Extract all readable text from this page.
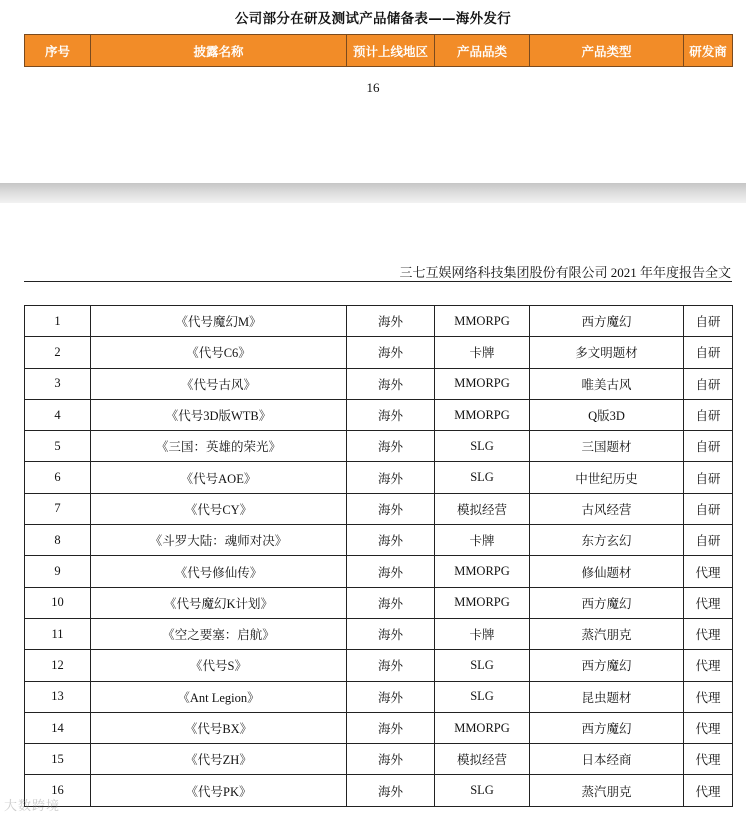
公司部分在研及测试产品储备表——海外发行
序号	披露名称	预计上线地区	产品品类	产品类型	研发商
16
三七互娱网络科技集团股份有限公司 2021 年年度报告全文
1	《代号魔幻M》	海外	MMORPG	西方魔幻	自研
2	《代号C6》	海外	卡牌	多文明题材	自研
3	《代号古风》	海外	MMORPG	唯美古风	自研
4	《代号3D版WTB》	海外	MMORPG	Q版3D	自研
5	《三国：英雄的荣光》	海外	SLG	三国题材	自研
6	《代号AOE》	海外	SLG	中世纪历史	自研
7	《代号CY》	海外	模拟经营	古风经营	自研
8	《斗罗大陆：魂师对决》	海外	卡牌	东方玄幻	自研
9	《代号修仙传》	海外	MMORPG	修仙题材	代理
10	《代号魔幻K计划》	海外	MMORPG	西方魔幻	代理
11	《空之要塞：启航》	海外	卡牌	蒸汽朋克	代理
12	《代号S》	海外	SLG	西方魔幻	代理
13	《Ant Legion》	海外	SLG	昆虫题材	代理
14	《代号BX》	海外	MMORPG	西方魔幻	代理
15	《代号ZH》	海外	模拟经营	日本经商	代理
16	《代号PK》	海外	SLG	蒸汽朋克	代理
大数跨境
